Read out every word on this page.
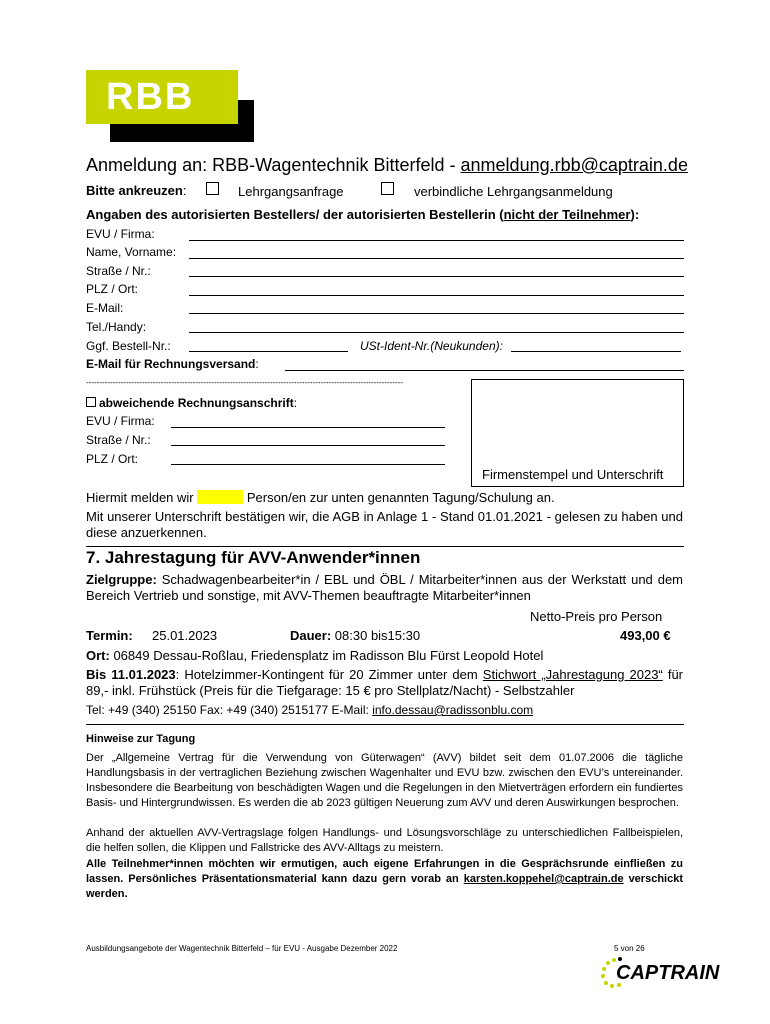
RBB
Anmeldung an: RBB-Wagentechnik Bitterfeld - anmeldung.rbb@captrain.de
Bitte ankreuzen:	Lehrgangsanfrage	verbindliche Lehrgangsanmeldung
Angaben des autorisierten Bestellers/ der autorisierten Bestellerin (nicht der Teilnehmer):
EVU / Firma:
Name, Vorname:
Straße / Nr.:
PLZ / Ort:
E-Mail:
Tel./Handy:
Ggf. Bestell-Nr.:	USt-Ident-Nr.(Neukunden):
E-Mail für Rechnungsversand:
-----------------------------------------------------------------------------------------------------------------------
abweichende Rechnungsanschrift:
EVU / Firma:
Straße / Nr.:
PLZ / Ort:
Firmenstempel und Unterschrift
Hiermit melden wir	Person/en zur unten genannten Tagung/Schulung an.
Mit unserer Unterschrift bestätigen wir, die AGB in Anlage 1 - Stand 01.01.2021 - gelesen zu haben und diese anzuerkennen.
7. Jahrestagung für AVV-Anwender*innen
Zielgruppe: Schadwagenbearbeiter*in / EBL und ÖBL / Mitarbeiter*innen aus der Werkstatt und dem Bereich Vertrieb und sonstige, mit AVV-Themen beauftragte Mitarbeiter*innen
Netto-Preis pro Person
Termin: 25.01.2023	Dauer: 08:30 bis15:30	493,00 €
Ort: 06849 Dessau-Roßlau, Friedensplatz im Radisson Blu Fürst Leopold Hotel
Bis 11.01.2023: Hotelzimmer-Kontingent für 20 Zimmer unter dem Stichwort „Jahrestagung 2023“ für 89,- inkl. Frühstück (Preis für die Tiefgarage: 15 € pro Stellplatz/Nacht) - Selbstzahler
Tel: +49 (340) 25150 Fax: +49 (340) 2515177 E-Mail: info.dessau@radissonblu.com
Hinweise zur Tagung
Der „Allgemeine Vertrag für die Verwendung von Güterwagen“ (AVV) bildet seit dem 01.07.2006 die tägliche Handlungsbasis in der vertraglichen Beziehung zwischen Wagenhalter und EVU bzw. zwischen den EVU’s untereinander. Insbesondere die Bearbeitung von beschädigten Wagen und die Regelungen in den Mietverträgen erfordern ein fundiertes Basis- und Hintergrundwissen. Es werden die ab 2023 gültigen Neuerung zum AVV und deren Auswirkungen besprochen.
Anhand der aktuellen AVV-Vertragslage folgen Handlungs- und Lösungsvorschläge zu unterschiedlichen Fallbeispielen, die helfen sollen, die Klippen und Fallstricke des AVV-Alltags zu meistern.
Alle Teilnehmer*innen möchten wir ermutigen, auch eigene Erfahrungen in die Gesprächsrunde einfließen zu lassen. Persönliches Präsentationsmaterial kann dazu gern vorab an karsten.koppehel@captrain.de verschickt werden.
Ausbildungsangebote der Wagentechnik Bitterfeld – für EVU - Ausgabe Dezember 2022	5 von 26
CAPTRAIN
